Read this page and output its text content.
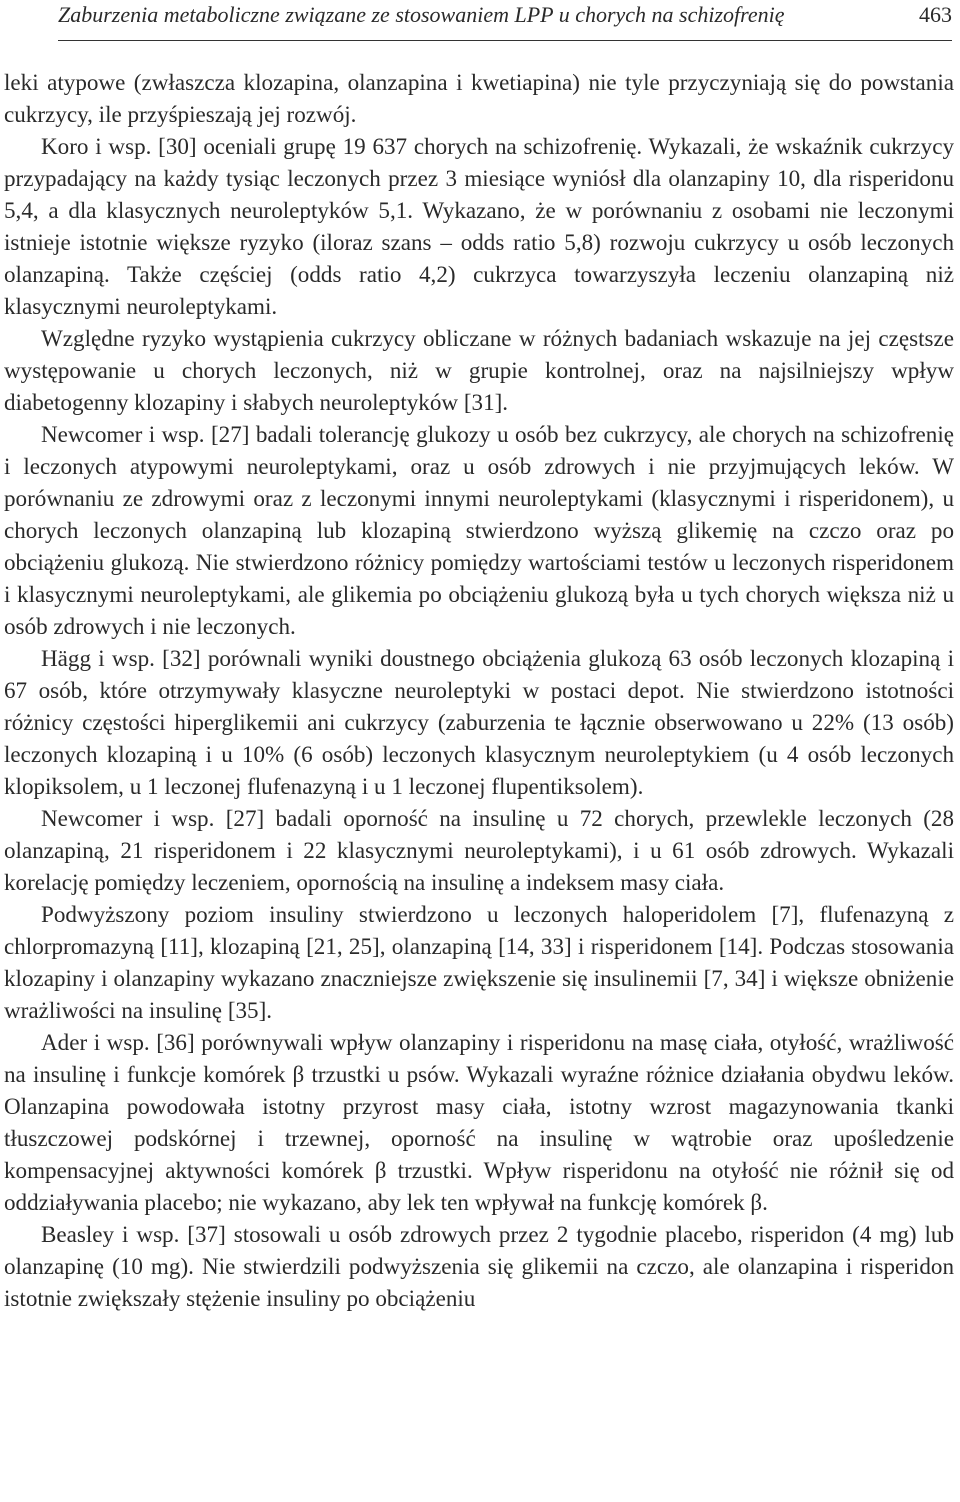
Zaburzenia metaboliczne związane ze stosowaniem LPP u chorych na schizofrenię	463

leki atypowe (zwłaszcza klozapina, olanzapina i kwetiapina) nie tyle przyczyniają się do powstania cukrzycy, ile przyśpieszają jej rozwój.

Koro i wsp. [30] oceniali grupę 19 637 chorych na schizofrenię. Wykazali, że wskaźnik cukrzycy przypadający na każdy tysiąc leczonych przez 3 miesiące wyniósł dla olanzapiny 10, dla risperidonu 5,4, a dla klasycznych neuroleptyków 5,1. Wykazano, że w porównaniu z osobami nie leczonymi istnieje istotnie większe ryzyko (iloraz szans – odds ratio 5,8) rozwoju cukrzycy u osób leczonych olanzapiną. Także częściej (odds ratio 4,2) cukrzyca towarzyszyła leczeniu olanzapiną niż klasycznymi neuroleptykami.

Względne ryzyko wystąpienia cukrzycy obliczane w różnych badaniach wskazuje na jej częstsze występowanie u chorych leczonych, niż w grupie kontrolnej, oraz na najsilniejszy wpływ diabetogenny klozapiny i słabych neuroleptyków [31].

Newcomer i wsp. [27] badali tolerancję glukozy u osób bez cukrzycy, ale chorych na schizofrenię i leczonych atypowymi neuroleptykami, oraz u osób zdrowych i nie przyjmujących leków. W porównaniu ze zdrowymi oraz z leczonymi innymi neuroleptykami (klasycznymi i risperidonem), u chorych leczonych olanzapiną lub klozapiną stwierdzono wyższą glikemię na czczo oraz po obciążeniu glukozą. Nie stwierdzono różnicy pomiędzy wartościami testów u leczonych risperidonem i klasycznymi neuroleptykami, ale glikemia po obciążeniu glukozą była u tych chorych większa niż u osób zdrowych i nie leczonych.

Hägg i wsp. [32] porównali wyniki doustnego obciążenia glukozą 63 osób leczonych klozapiną i 67 osób, które otrzymywały klasyczne neuroleptyki w postaci depot. Nie stwierdzono istotności różnicy częstości hiperglikemii ani cukrzycy (zaburzenia te łącznie obserwowano u 22% (13 osób) leczonych klozapiną i u 10% (6 osób) leczonych klasycznym neuroleptykiem (u 4 osób leczonych klopiksolem, u 1 leczonej flufenazyną i u 1 leczonej flupentiksolem).

Newcomer i wsp. [27] badali oporność na insulinę u 72 chorych, przewlekle leczonych (28 olanzapiną, 21 risperidonem i 22 klasycznymi neuroleptykami), i u 61 osób zdrowych. Wykazali korelację pomiędzy leczeniem, opornością na insulinę a indeksem masy ciała.

Podwyższony poziom insuliny stwierdzono u leczonych haloperidolem [7], flufenazyną z chlorpromazyną [11], klozapiną [21, 25], olanzapiną [14, 33] i risperidonem [14]. Podczas stosowania klozapiny i olanzapiny wykazano znaczniejsze zwiększenie się insulinemii [7, 34] i większe obniżenie wrażliwości na insulinę [35].

Ader i wsp. [36] porównywali wpływ olanzapiny i risperidonu na masę ciała, otyłość, wrażliwość na insulinę i funkcje komórek β trzustki u psów. Wykazali wyraźne różnice działania obydwu leków. Olanzapina powodowała istotny przyrost masy ciała, istotny wzrost magazynowania tkanki tłuszczowej podskórnej i trzewnej, oporność na insulinę w wątrobie oraz upośledzenie kompensacyjnej aktywności komórek β trzustki. Wpływ risperidonu na otyłość nie różnił się od oddziaływania placebo; nie wykazano, aby lek ten wpływał na funkcję komórek β.

Beasley i wsp. [37] stosowali u osób zdrowych przez 2 tygodnie placebo, risperidon (4 mg) lub olanzapinę (10 mg). Nie stwierdzili podwyższenia się glikemii na czczo, ale olanzapina i risperidon istotnie zwiększały stężenie insuliny po obciążeniu
